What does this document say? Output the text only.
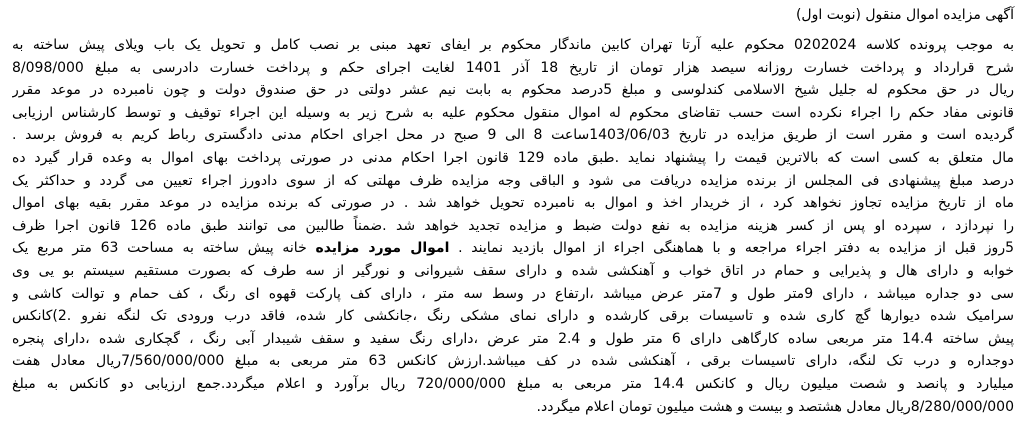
آگهی مزایده اموال منقول (نوبت اول)
به موجب پرونده کلاسه 0202024 محکوم علیه آرتا تهران کابین ماندگار محکوم بر ایفای تعهد مبنی بر نصب کامل و تحویل یک باب ویلای پیش ساخته به
شرح قرارداد و پرداخت خسارت روزانه سیصد هزار تومان از تاریخ 18 آذر 1401 لغایت اجرای حکم و پرداخت خسارت دادرسی به مبلغ 8/098/000
ریال در حق محکوم له جلیل شیخ الاسلامی کندلوسی و مبلغ 5درصد محکوم به بابت نیم عشر دولتی در حق صندوق دولت و چون نامبرده در موعد مقرر
قانونی مفاد حکم را اجراء نکرده است حسب تقاضای محکوم له اموال منقول محکوم علیه به شرح زیر به وسیله این اجراء توقیف و توسط کارشناس ارزیابی
گردیده است و مقرر است از طریق مزایده در تاریخ 1403/06/03ساعت 8 الی 9 صبح در محل اجرای احکام مدنی دادگستری رباط کریم به فروش برسد .
مال متعلق به کسی است که بالاترین قیمت را پیشنهاد نماید .طبق ماده 129 قانون اجرا احکام مدنی در صورتی پرداخت بهای اموال به وعده قرار گیرد ده
درصد مبلغ پیشنهادی فی المجلس از برنده مزایده دریافت می شود و الباقی وجه مزایده ظرف مهلتی که از سوی دادورز اجراء تعیین می گردد و حداکثر یک
ماه از تاریخ مزایده تجاوز نخواهد کرد ، از خریدار اخذ و اموال به نامبرده تحویل خواهد شد . در صورتی که برنده مزایده در موعد مقرر بقیه بهای اموال
را نپردازد ، سپرده او پس از کسر هزینه مزایده به نفع دولت ضبط و مزایده تجدید خواهد شد .ضمناً طالبین می توانند طبق ماده 126 قانون اجرا ظرف
5روز قبل از مزایده به دفتر اجراء مراجعه و با هماهنگی اجراء از اموال بازدید نمایند . اموال مورد مزایده خانه پیش ساخته به مساحت 63 متر مربع یک
خوابه و دارای هال و پذیرایی و حمام در اتاق خواب و آهنکشی شده و دارای سقف شیروانی و نورگیر از سه طرف که بصورت مستقیم سیستم بو یی وی
سی دو جداره میباشد ، دارای 9متر طول و 7متر عرض میباشد ،ارتفاع در وسط سه متر ، دارای کف پارکت قهوه ای رنگ ، کف حمام و توالت کاشی و
سرامیک شده دیوارها گچ کاری شده و تاسیسات برقی کارشده و دارای نمای مشکی رنگ ،جانکشی کار شده، فاقد درب ورودی تک لنگه نفرو .2)کانکس
پیش ساخته 14.4 متر مربعی ساده کارگاهی دارای 6 متر طول و 2.4 متر عرض ،دارای رنگ سفید و سقف شیبدار آبی رنگ ، گچکاری شده ،دارای پنجره
دوجداره و درب تک لنگه، دارای تاسیسات برقی ، آهنکشی شده در کف میباشد.ارزش کانکس 63 متر مربعی به مبلغ 7/560/000/000ریال معادل هفت
میلیارد و پانصد و شصت میلیون ریال و کانکس 14.4 متر مربعی به مبلغ 720/000/000 ریال برآورد و اعلام میگردد.جمع ارزیابی دو کانکس به مبلغ
8/280/000/000ریال معادل هشتصد و بیست و هشت میلیون تومان اعلام میگردد.
